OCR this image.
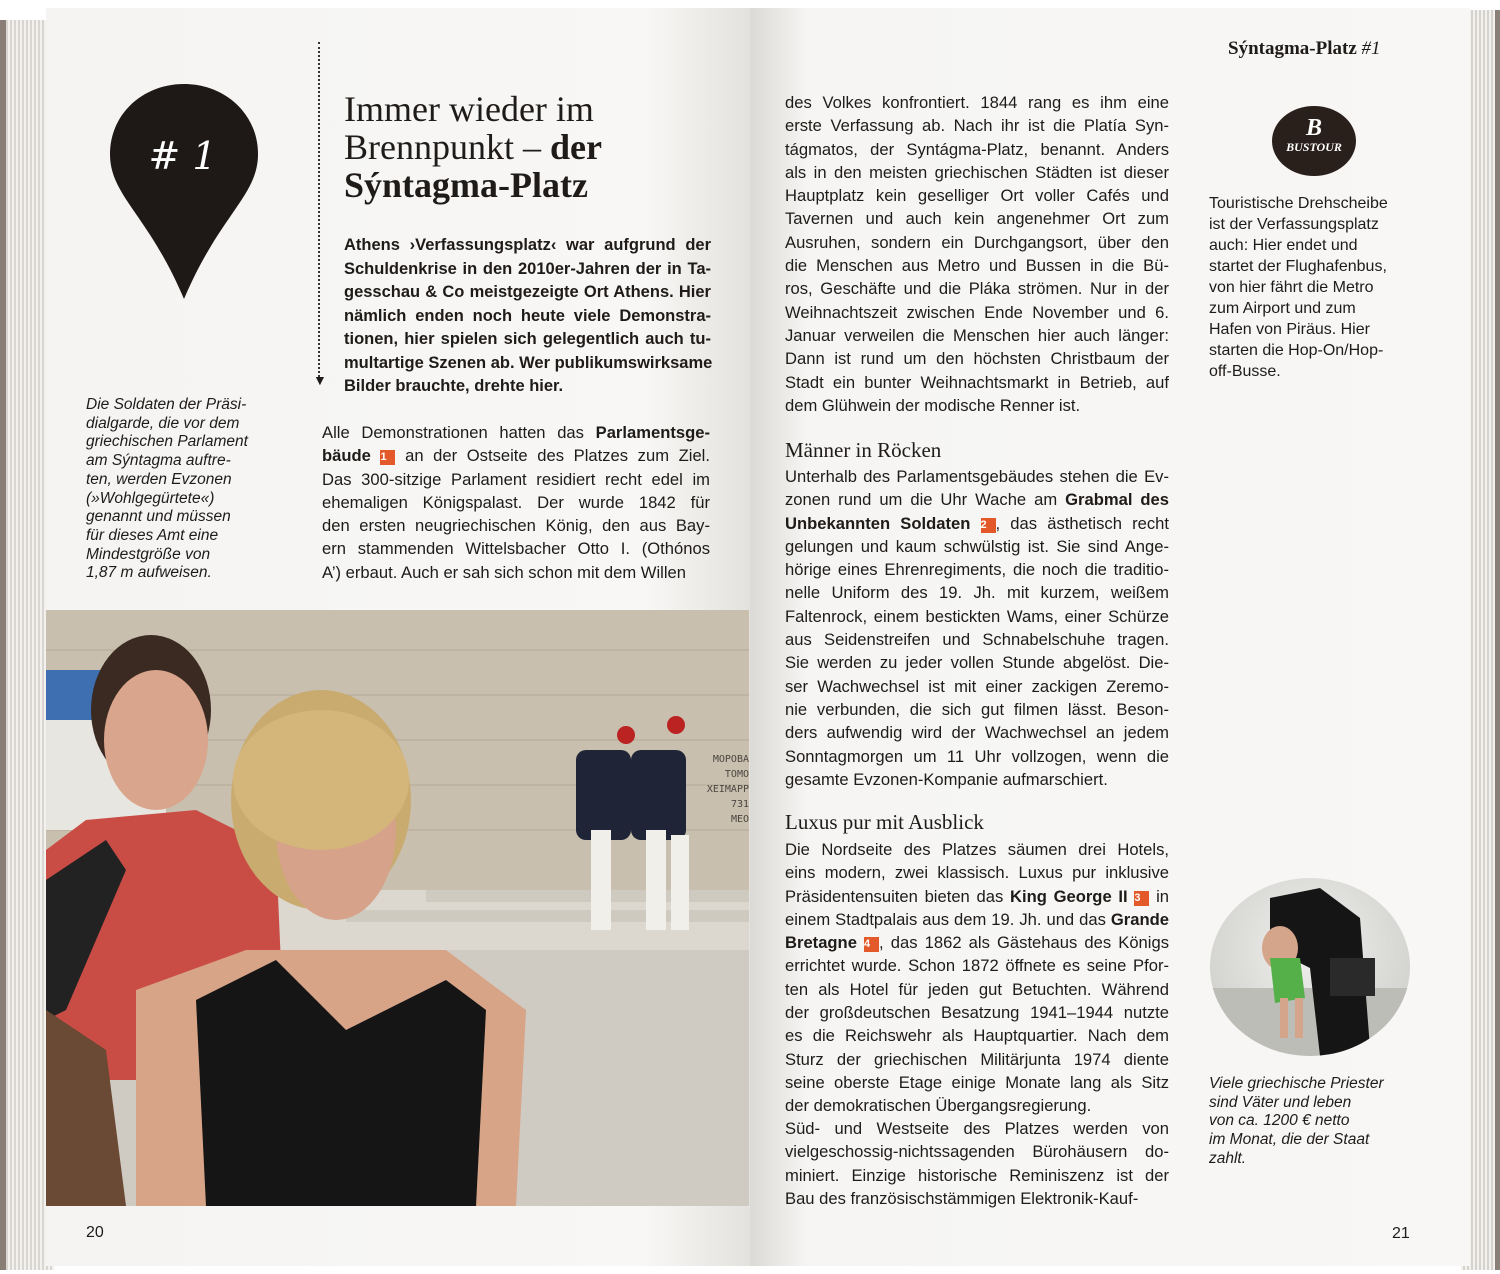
# 1
▼
Immer wieder im
Brennpunkt – der
Sýntagma-Platz
Athens ›Verfassungsplatz‹ war aufgrund der
Schuldenkrise in den 2010er-Jahren der in Ta-
gesschau & Co meistgezeigte Ort Athens. Hier
nämlich enden noch heute viele Demonstra-
tionen, hier spielen sich gelegentlich auch tu-
multartige Szenen ab. Wer publikumswirksame
Bilder brauchte, drehte hier.
Alle Demonstrationen hatten das Parlamentsge-
bäude 1 an der Ostseite des Platzes zum Ziel.
Das 300-sitzige Parlament residiert recht edel im
ehemaligen Königspalast. Der wurde 1842 für
den ersten neugriechischen König, den aus Bay-
ern stammenden Wittelsbacher Otto I. (Othónos
A’) erbaut. Auch er sah sich schon mit dem Willen
Die Soldaten der Präsi-
dialgarde, die vor dem
griechischen Parlament
am Sýntagma auftre-
ten, werden Evzonen
(»Wohlgegürtete«)
genannt und müssen
für dieses Amt eine
Mindestgröße von
1,87 m aufweisen.
MOPOBA
TOMO
XEIMAPP
731
MEO
20
Sýntagma-Platz #1
B
BUSTOUR
Touristische Drehscheibe
ist der Verfassungsplatz
auch: Hier endet und
startet der Flughafenbus,
von hier fährt die Metro
zum Airport und zum
Hafen von Piräus. Hier
starten die Hop-On/Hop-
off-Busse.
des Volkes konfrontiert. 1844 rang es ihm eine
erste Verfassung ab. Nach ihr ist die Platía Syn-
tágmatos, der Syntágma-Platz, benannt. Anders
als in den meisten griechischen Städten ist dieser
Hauptplatz kein geselliger Ort voller Cafés und
Tavernen und auch kein angenehmer Ort zum
Ausruhen, sondern ein Durchgangsort, über den
die Menschen aus Metro und Bussen in die Bü-
ros, Geschäfte und die Pláka strömen. Nur in der
Weihnachtszeit zwischen Ende November und 6.
Januar verweilen die Menschen hier auch länger:
Dann ist rund um den höchsten Christbaum der
Stadt ein bunter Weihnachtsmarkt in Betrieb, auf
dem Glühwein der modische Renner ist.
Männer in Röcken
Unterhalb des Parlamentsgebäudes stehen die Ev-
zonen rund um die Uhr Wache am Grabmal des
Unbekannten Soldaten 2 , das ästhetisch recht
gelungen und kaum schwülstig ist. Sie sind Ange-
hörige eines Ehrenregiments, die noch die traditio-
nelle Uniform des 19. Jh. mit kurzem, weißem
Faltenrock, einem bestickten Wams, einer Schürze
aus Seidenstreifen und Schnabelschuhe tragen.
Sie werden zu jeder vollen Stunde abgelöst. Die-
ser Wachwechsel ist mit einer zackigen Zeremo-
nie verbunden, die sich gut filmen lässt. Beson-
ders aufwendig wird der Wachwechsel an jedem
Sonntagmorgen um 11 Uhr vollzogen, wenn die
gesamte Evzonen-Kompanie aufmarschiert.
Luxus pur mit Ausblick
Die Nordseite des Platzes säumen drei Hotels,
eins modern, zwei klassisch. Luxus pur inklusive
Präsidentensuiten bieten das King George II 3 in
einem Stadtpalais aus dem 19. Jh. und das Grande
Bretagne 4 , das 1862 als Gästehaus des Königs
errichtet wurde. Schon 1872 öffnete es seine Pfor-
ten als Hotel für jeden gut Betuchten. Während
der großdeutschen Besatzung 1941–1944 nutzte
es die Reichswehr als Hauptquartier. Nach dem
Sturz der griechischen Militärjunta 1974 diente
seine oberste Etage einige Monate lang als Sitz
der demokratischen Übergangsregierung.
Süd- und Westseite des Platzes werden von
vielgeschossig-nichtssagenden Bürohäusern do-
miniert. Einzige historische Reminiszenz ist der
Bau des französischstämmigen Elektronik-Kauf-
Viele griechische Priester
sind Väter und leben
von ca. 1200 € netto
im Monat, die der Staat
zahlt.
21
